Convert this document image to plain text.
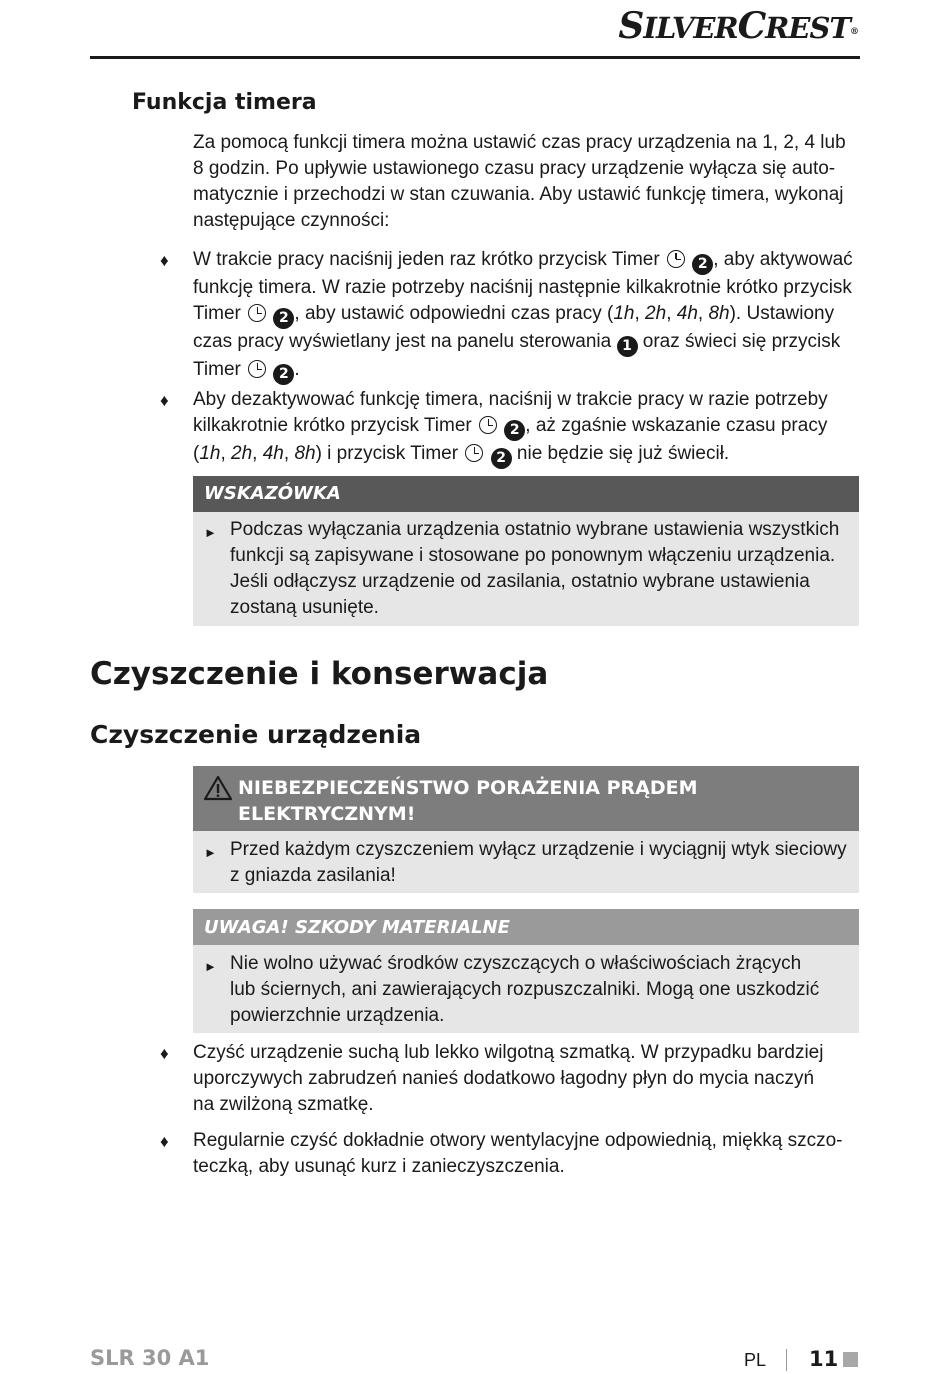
SILVERCREST®
Funkcja timera
Za pomocą funkcji timera można ustawić czas pracy urządzenia na 1, 2, 4 lub
8 godzin. Po upływie ustawionego czasu pracy urządzenie wyłącza się auto-
matycznie i przechodzi w stan czuwania. Aby ustawić funkcję timera, wykonaj
następujące czynności:
♦ W trakcie pracy naciśnij jeden raz krótko przycisk Timer	2 , aby aktywować
funkcję timera. W razie potrzeby naciśnij następnie kilkakrotnie krótko przycisk
Timer	2 , aby ustawić odpowiedni czas pracy (1h, 2h, 4h, 8h). Ustawiony
czas pracy wyświetlany jest na panelu sterowania 1 oraz świeci się przycisk
Timer	2 .
♦ Aby dezaktywować funkcję timera, naciśnij w trakcie pracy w razie potrzeby
kilkakrotnie krótko przycisk Timer	2 , aż zgaśnie wskazanie czasu pracy
(1h, 2h, 4h, 8h) i przycisk Timer	2 nie będzie się już świecił.
WSKAZÓWKA
► Podczas wyłączania urządzenia ostatnio wybrane ustawienia wszystkich
funkcji są zapisywane i stosowane po ponownym włączeniu urządzenia.
Jeśli odłączysz urządzenie od zasilania, ostatnio wybrane ustawienia
zostaną usunięte.
Czyszczenie i konserwacja
Czyszczenie urządzenia
NIEBEZPIECZEŃSTWO PORAŻENIA PRĄDEM
ELEKTRYCZNYM!
► Przed każdym czyszczeniem wyłącz urządzenie i wyciągnij wtyk sieciowy
z gniazda zasilania!
UWAGA! SZKODY MATERIALNE
► Nie wolno używać środków czyszczących o właściwościach żrących
lub ściernych, ani zawierających rozpuszczalniki. Mogą one uszkodzić
powierzchnie urządzenia.
♦ Czyść urządzenie suchą lub lekko wilgotną szmatką. W przypadku bardziej
uporczywych zabrudzeń nanieś dodatkowo łagodny płyn do mycia naczyń
na zwilżoną szmatkę.
♦ Regularnie czyść dokładnie otwory wentylacyjne odpowiednią, miękką szczo-
teczką, aby usunąć kurz i zanieczyszczenia.
SLR 30 A1	PL 11
